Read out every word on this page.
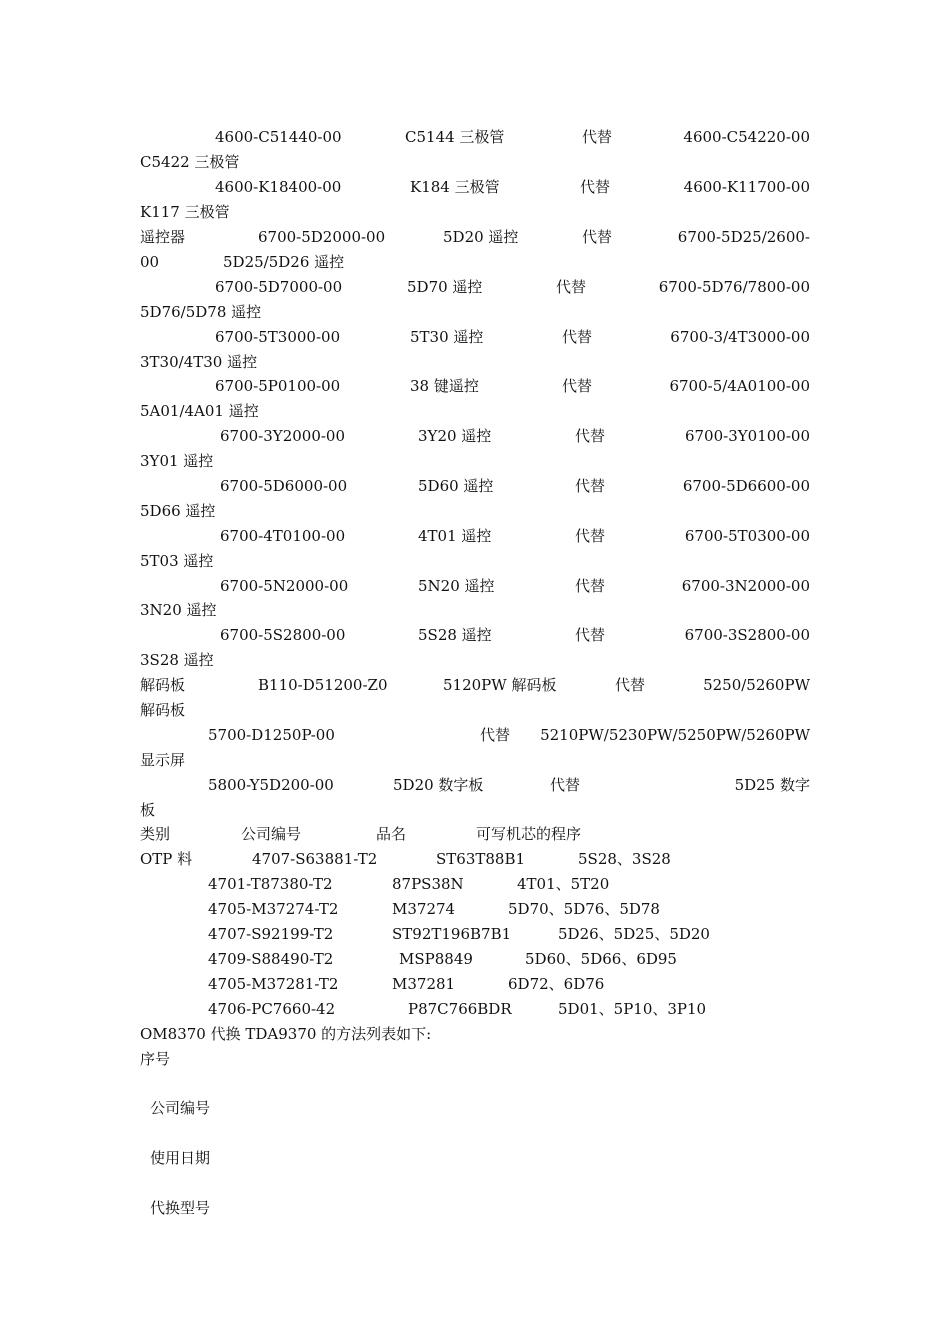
4600-C51440-00	C5144 三极管	代替	4600-C54220-00
C5422 三极管
4600-K18400-00	K184 三极管	代替	4600-K11700-00
K117 三极管
遥控器	6700-5D2000-00	5D20 遥控	代替	6700-5D25/2600-
00	5D25/5D26 遥控
6700-5D7000-00	5D70 遥控	代替	6700-5D76/7800-00
5D76/5D78 遥控
6700-5T3000-00	5T30 遥控	代替	6700-3/4T3000-00
3T30/4T30 遥控
6700-5P0100-00	38 键遥控	代替	6700-5/4A0100-00
5A01/4A01 遥控
6700-3Y2000-00	3Y20 遥控	代替	6700-3Y0100-00
3Y01 遥控
6700-5D6000-00	5D60 遥控	代替	6700-5D6600-00
5D66 遥控
6700-4T0100-00	4T01 遥控	代替	6700-5T0300-00
5T03 遥控
6700-5N2000-00	5N20 遥控	代替	6700-3N2000-00
3N20 遥控
6700-5S2800-00	5S28 遥控	代替	6700-3S2800-00
3S28 遥控
解码板	B110-D51200-Z0	5120PW 解码板	代替	5250/5260PW
解码板
5700-D1250P-00	代替 5210PW/5230PW/5250PW/5260PW
显示屏
5800-Y5D200-00	5D20 数字板	代替	5D25 数字
板
类别	公司编号	品名	可写机芯的程序
OTP 料	4707-S63881-T2	ST63T88B1	5S28、3S28
4701-T87380-T2	87PS38N	4T01、5T20
4705-M37274-T2	M37274	5D70、5D76、5D78
4707-S92199-T2	ST92T196B7B1	5D26、5D25、5D20
4709-S88490-T2	MSP8849	5D60、5D66、6D95
4705-M37281-T2	M37281	6D72、6D76
4706-PC7660-42	P87C766BDR	5D01、5P10、3P10
OM8370 代换 TDA9370 的方法列表如下:
序号
公司编号
使用日期
代换型号
